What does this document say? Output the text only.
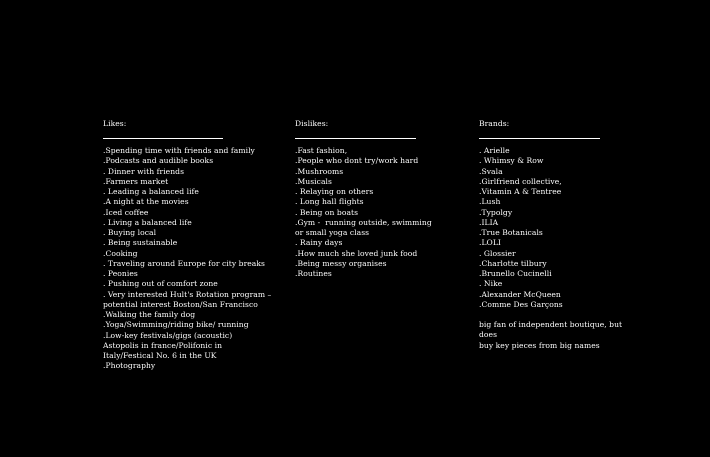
Likes:

.Spending time with friends and family
.Podcasts and audible books
. Dinner with friends
.Farmers market
. Leading a balanced life
.A night at the movies
.Iced coffee
. Living a balanced life
. Buying local
. Being sustainable
.Cooking
. Traveling around Europe for city breaks
. Peonies
. Pushing out of comfort zone
. Very interested Hult's Rotation program –
potential interest Boston/San Francisco
.Walking the family dog
.Yoga/Swimming/riding bike/ running
.Low-key festivals/gigs (acoustic)
Astopolis in france/Polifonic in
Italy/Festical No. 6 in the UK
.Photography

Dislikes:

.Fast fashion,
.People who dont try/work hard
.Mushrooms
.Musicals
. Relaying on others
. Long hall flights
. Being on boats
.Gym -  running outside, swimming
or small yoga class
. Rainy days
.How much she loved junk food
.Being messy organises
.Routines

Brands:

. Arielle
. Whimsy & Row
.Svala
.Girlfriend collective,
.Vitamin A & Tentree
.Lush
.Typolgy
.ILIA
.True Botanicals
.LOLI
. Glossier
.Charlotte tilbury
.Brunello Cucinelli
. Nike
.Alexander McQueen
.Comme Des Garçons

big fan of independent boutique, but does
buy key pieces from big names
